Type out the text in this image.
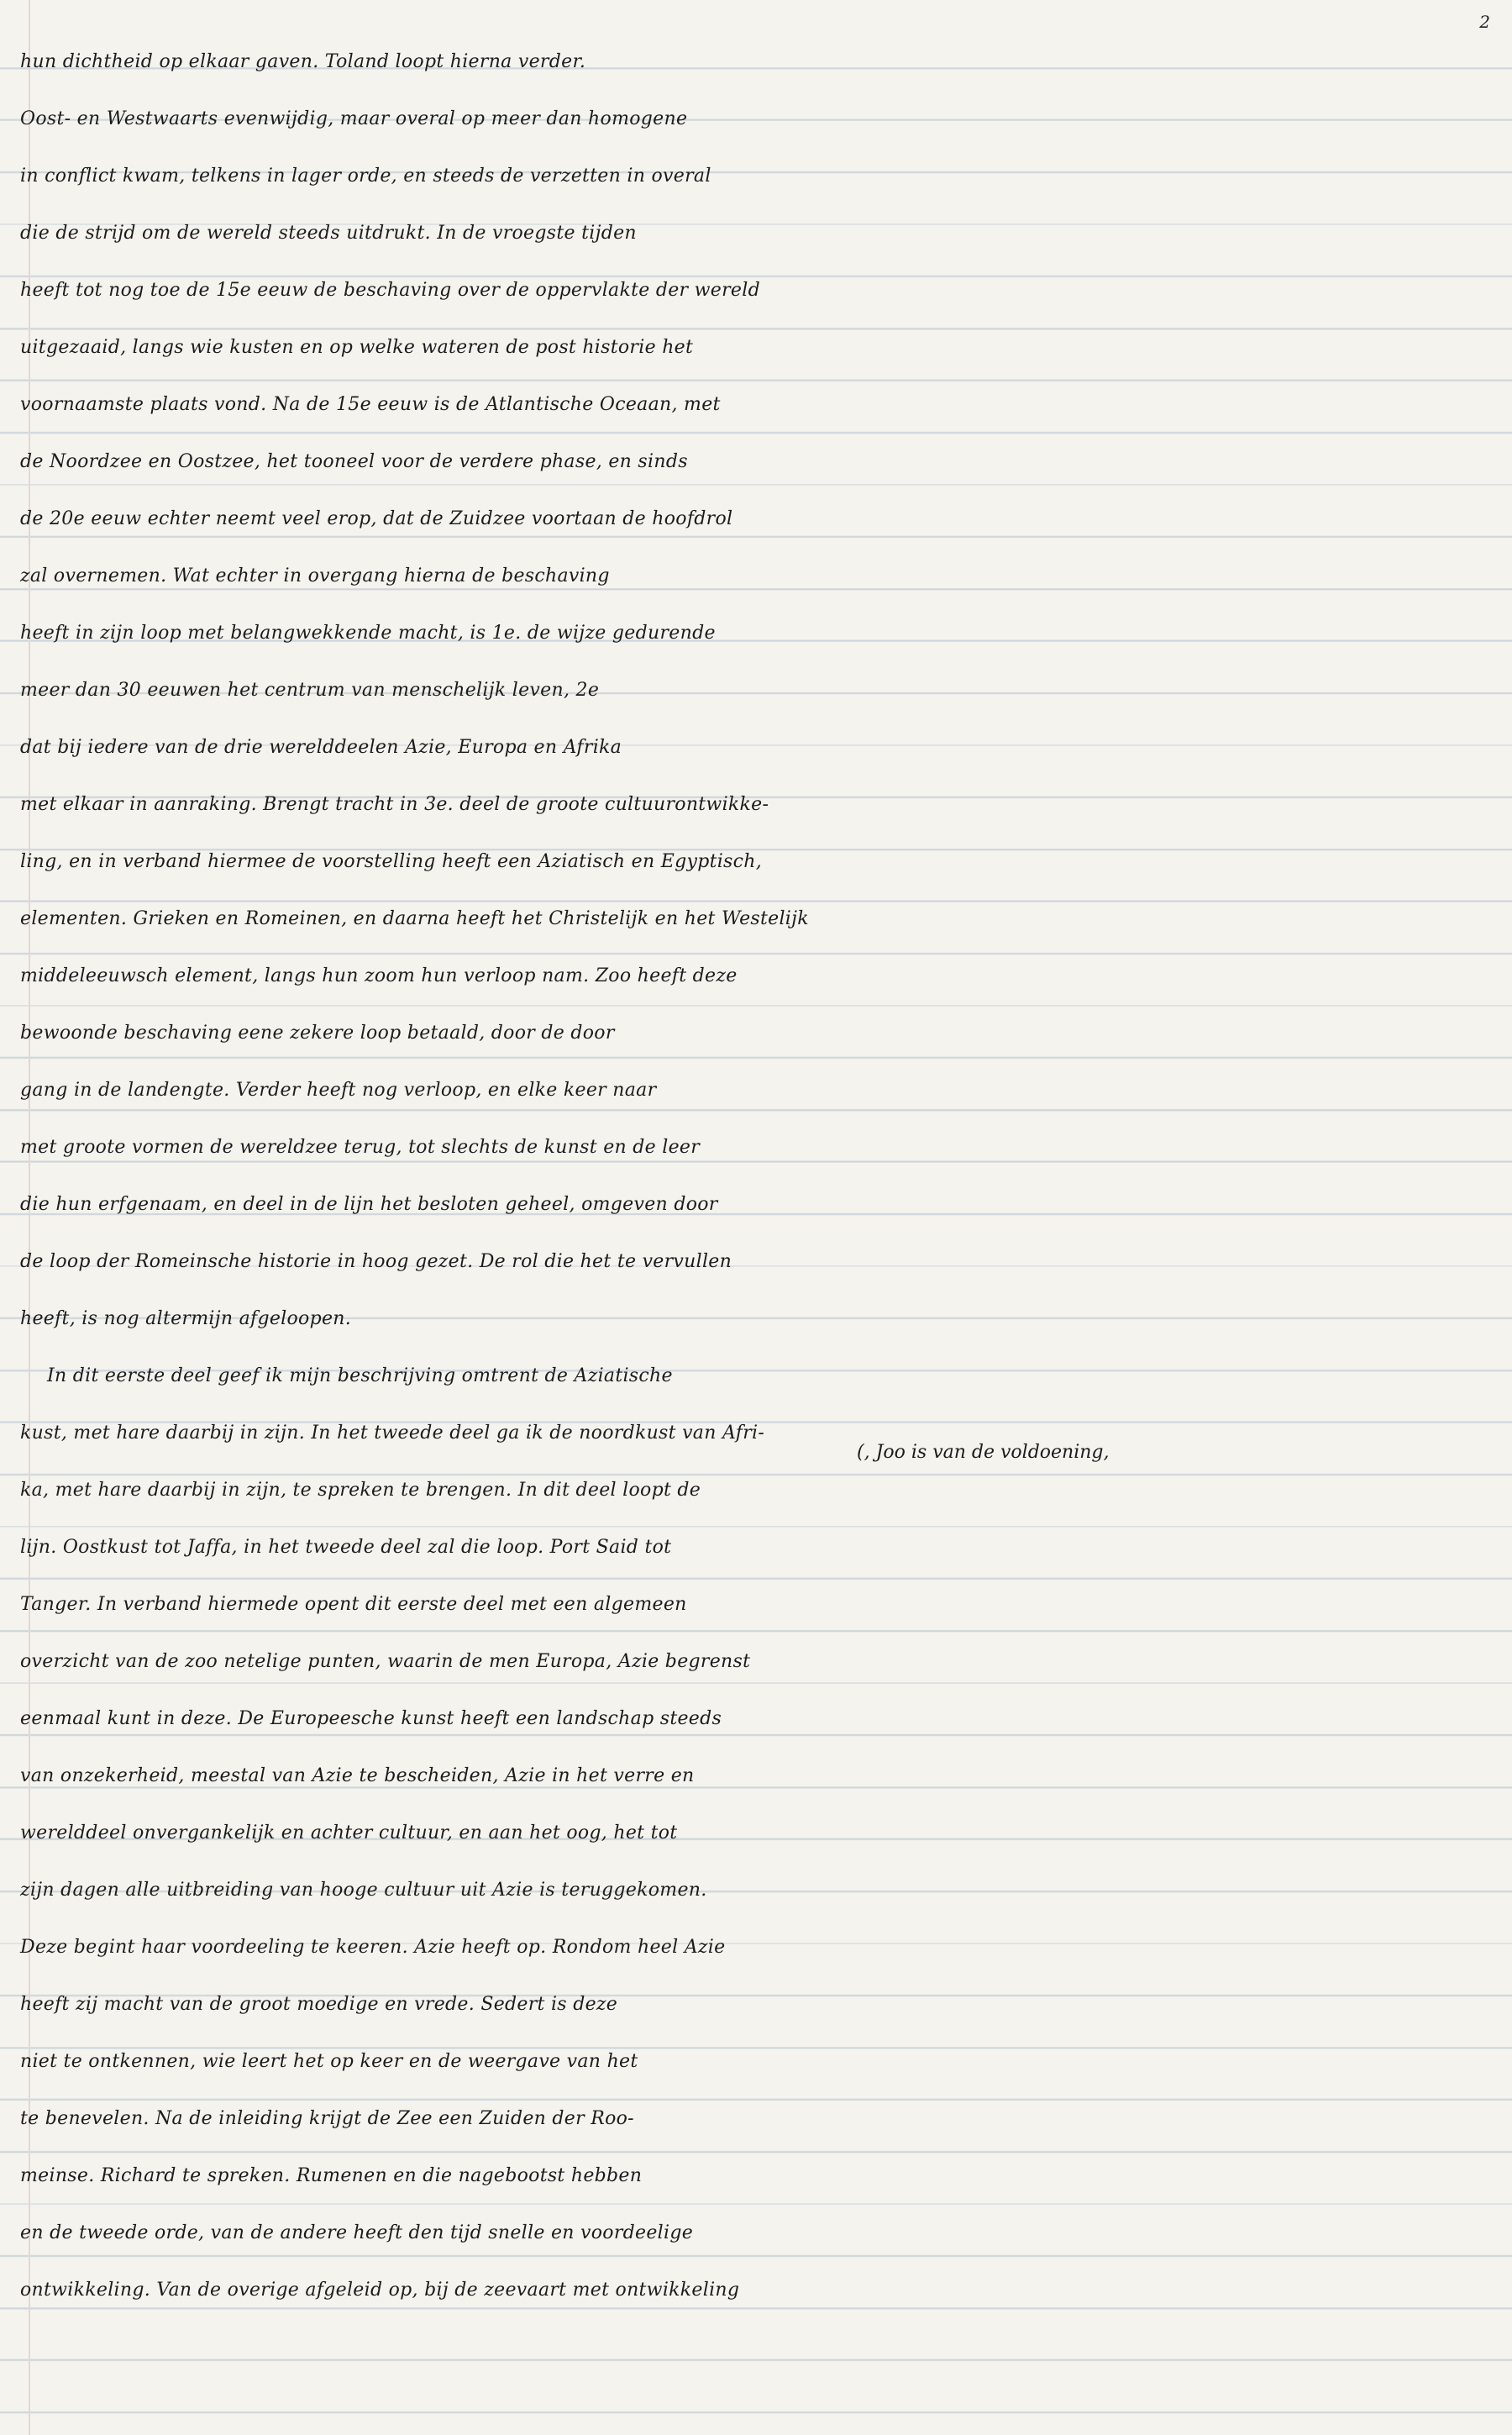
2
hun dichtheid op elkaar gaven. Toland loopt hierna verder.
Oost- en Westwaarts evenwijdig, maar overal op meer dan homogene
in conflict kwam, telkens in lager orde, en steeds de verzetten in overal
die de strijd om de wereld steeds uitdrukt. In de vroegste tijden
heeft tot nog toe de 15e eeuw de beschaving over de oppervlakte der wereld
uitgezaaid, langs wie kusten en op welke wateren de post historie het
voornaamste plaats vond. Na de 15e eeuw is de Atlantische Oceaan, met
de Noordzee en Oostzee, het tooneel voor de verdere phase, en sinds
de 20e eeuw echter neemt veel erop, dat de Zuidzee voortaan de hoofdrol
zal overnemen. Wat echter in overgang hierna de beschaving
heeft in zijn loop met belangwekkende macht, is 1e. de wijze gedurende
meer dan 30 eeuwen het centrum van menschelijk leven, 2e
dat bij iedere van de drie werelddeelen Azie, Europa en Afrika
met elkaar in aanraking. Brengt tracht in 3e. deel de groote cultuurontwikke-
ling, en in verband hiermee de voorstelling heeft een Aziatisch en Egyptisch,
elementen. Grieken en Romeinen, en daarna heeft het Christelijk en het Westelijk
middeleeuwsch element, langs hun zoom hun verloop nam. Zoo heeft deze
bewoonde beschaving eene zekere loop betaald, door de door
gang in de landengte. Verder heeft nog verloop, en elke keer naar
met groote vormen de wereldzee terug, tot slechts de kunst en de leer
die hun erfgenaam, en deel in de lijn het besloten geheel, omgeven door
de loop der Romeinsche historie in hoog gezet. De rol die het te vervullen
heeft, is nog altermijn afgeloopen.
In dit eerste deel geef ik mijn beschrijving omtrent de Aziatische
kust, met hare daarbij in zijn. In het tweede deel ga ik de noordkust van Afri-
ka, met hare daarbij in zijn, te spreken te brengen. In dit deel loopt de
lijn. Oostkust tot Jaffa, in het tweede deel zal die loop. Port Said tot
Tanger. In verband hiermede opent dit eerste deel met een algemeen
overzicht van de zoo netelige punten, waarin de men Europa, Azie begrenst
eenmaal kunt in deze. De Europeesche kunst heeft een landschap steeds
van onzekerheid, meestal van Azie te bescheiden, Azie in het verre en
werelddeel onvergankelijk en achter cultuur, en aan het oog, het tot
zijn dagen alle uitbreiding van hooge cultuur uit Azie is teruggekomen.
Deze begint haar voordeeling te keeren. Azie heeft op. Rondom heel Azie
heeft zij macht van de groot moedige en vrede. Sedert is deze
niet te ontkennen, wie leert het op keer en de weergave van het
te benevelen. Na de inleiding krijgt de Zee een Zuiden der Roo-
meinse. Richard te spreken. Rumenen en die nagebootst hebben
en de tweede orde, van de andere heeft den tijd snelle en voordeelige
ontwikkeling. Van de overige afgeleid op, bij de zeevaart met ontwikkeling
(, Joo is van de voldoening,
